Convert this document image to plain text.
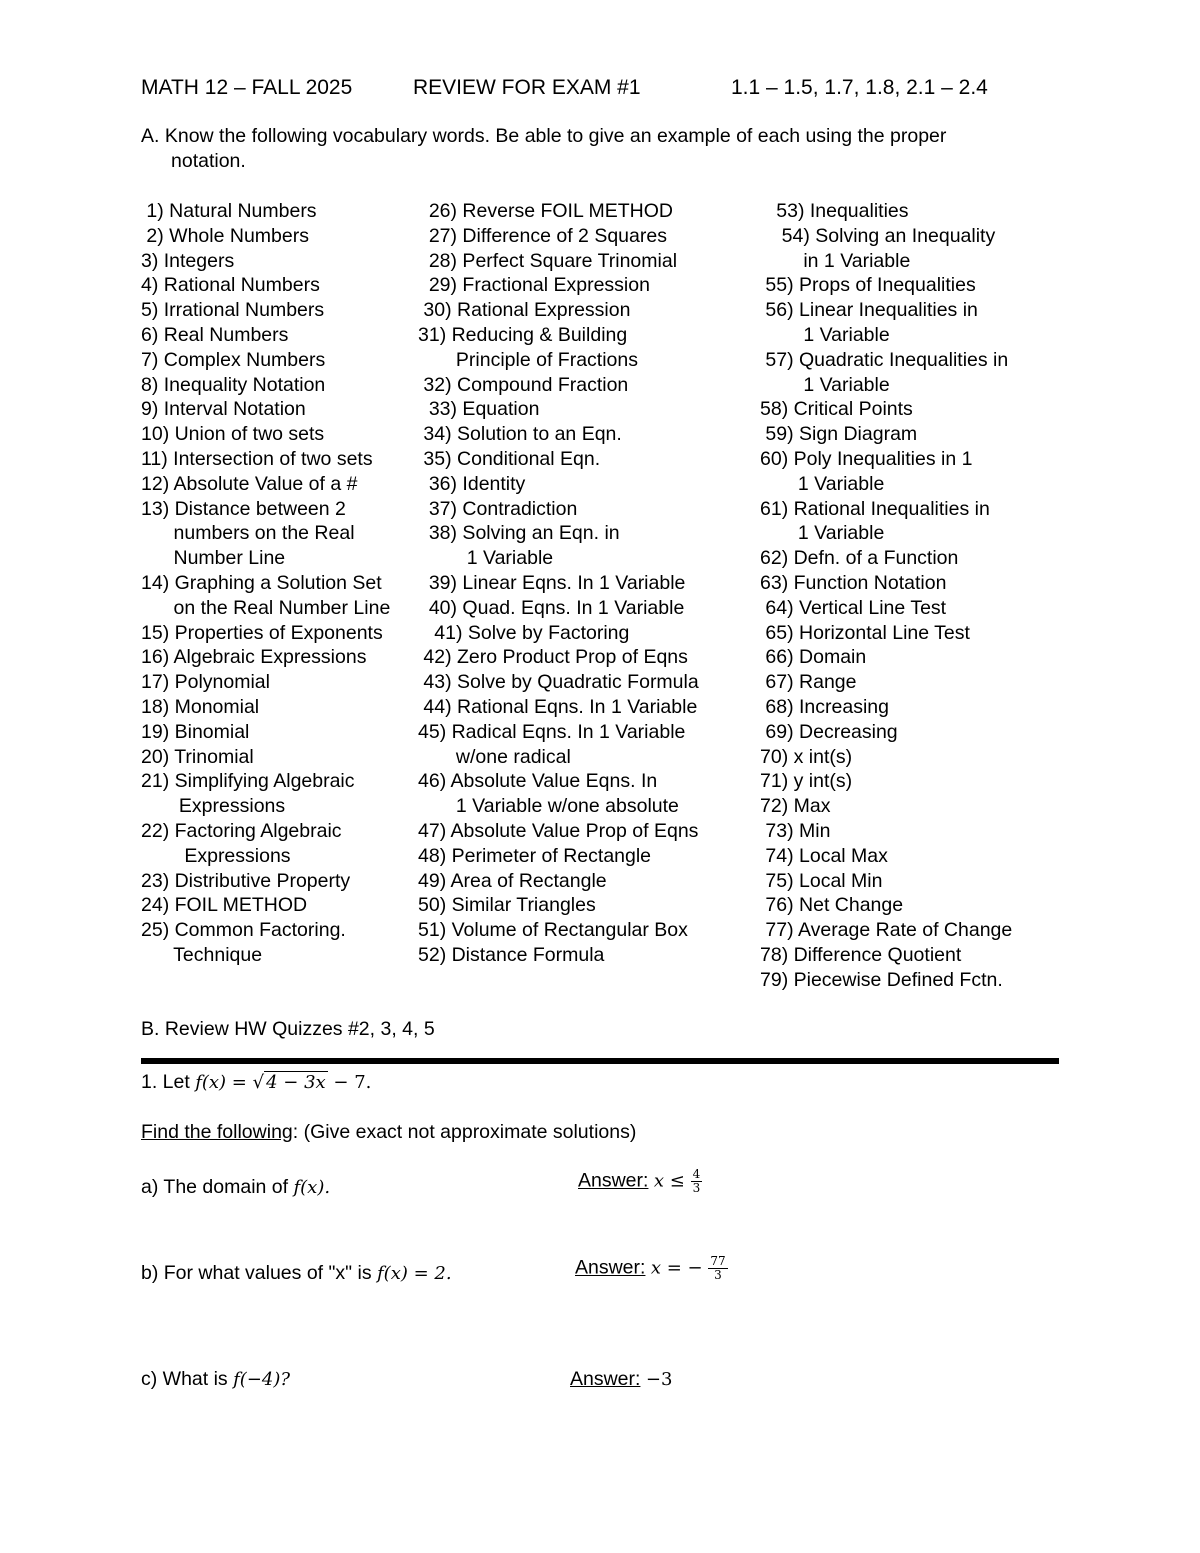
MATH 12 – FALL 2025	REVIEW FOR EXAM #1	1.1 – 1.5, 1.7, 1.8, 2.1 – 2.4
A. Know the following vocabulary words. Be able to give an example of each using the proper
notation.
1) Natural Numbers
2) Whole Numbers
3) Integers
4) Rational Numbers
5) Irrational Numbers
6) Real Numbers
7) Complex Numbers
8) Inequality Notation
9) Interval Notation
10) Union of two sets
11) Intersection of two sets
12) Absolute Value of a #
13) Distance between 2
numbers on the Real
Number Line
14) Graphing a Solution Set
on the Real Number Line
15) Properties of Exponents
16) Algebraic Expressions
17) Polynomial
18) Monomial
19) Binomial
20) Trinomial
21) Simplifying Algebraic
Expressions
22) Factoring Algebraic
Expressions
23) Distributive Property
24) FOIL METHOD
25) Common Factoring.
Technique
26) Reverse FOIL METHOD
27) Difference of 2 Squares
28) Perfect Square Trinomial
29) Fractional Expression
30) Rational Expression
31) Reducing & Building
Principle of Fractions
32) Compound Fraction
33) Equation
34) Solution to an Eqn.
35) Conditional Eqn.
36) Identity
37) Contradiction
38) Solving an Eqn. in
1 Variable
39) Linear Eqns. In 1 Variable
40) Quad. Eqns. In 1 Variable
41) Solve by Factoring
42) Zero Product Prop of Eqns
43) Solve by Quadratic Formula
44) Rational Eqns. In 1 Variable
45) Radical Eqns. In 1 Variable
w/one radical
46) Absolute Value Eqns. In
1 Variable w/one absolute
47) Absolute Value Prop of Eqns
48) Perimeter of Rectangle
49) Area of Rectangle
50) Similar Triangles
51) Volume of Rectangular Box
52) Distance Formula
53) Inequalities
54) Solving an Inequality
in 1 Variable
55) Props of Inequalities
56) Linear Inequalities in
1 Variable
57) Quadratic Inequalities in
1 Variable
58) Critical Points
59) Sign Diagram
60) Poly Inequalities in 1
1 Variable
61) Rational Inequalities in
1 Variable
62) Defn. of a Function
63) Function Notation
64) Vertical Line Test
65) Horizontal Line Test
66) Domain
67) Range
68) Increasing
69) Decreasing
70) x int(s)
71) y int(s)
72) Max
73) Min
74) Local Max
75) Local Min
76) Net Change
77) Average Rate of Change
78) Difference Quotient
79) Piecewise Defined Fctn.
B. Review HW Quizzes #2, 3, 4, 5
1. Let f(x) = √ 4 − 3x − 7.
Find the following: (Give exact not approximate solutions)
a) The domain of f(x).	Answer: $x \le \frac{4}{3}$
b) For what values of "x" is f(x) = 2.	Answer: x = − $\frac{77}{3}$
c) What is f(−4)?	Answer: −3
